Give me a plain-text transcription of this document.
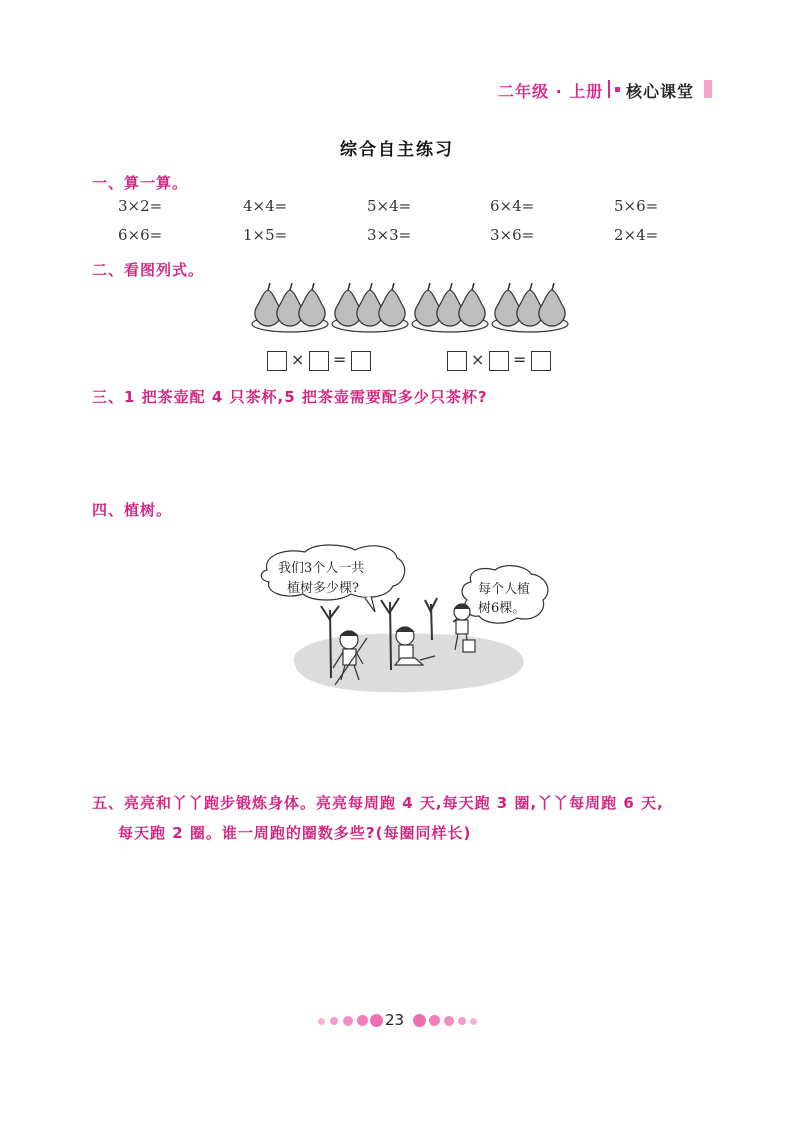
二年级 · 上册 核心课堂
综合自主练习
一、算一算。
3×2=	4×4=	5×4=	6×4=	5×6=
6×6=	1×5=	3×3=	3×6=	2×4=
二、看图列式。
× =	× =
三、1 把茶壶配 4 只茶杯,5 把茶壶需要配多少只茶杯?
四、植树。
我们3个人一共
植树多少棵?	每个人植
树6棵。
五、亮亮和丫丫跑步锻炼身体。亮亮每周跑 4 天,每天跑 3 圈,丫丫每周跑 6 天,
每天跑 2 圈。谁一周跑的圈数多些?(每圈同样长)
23
